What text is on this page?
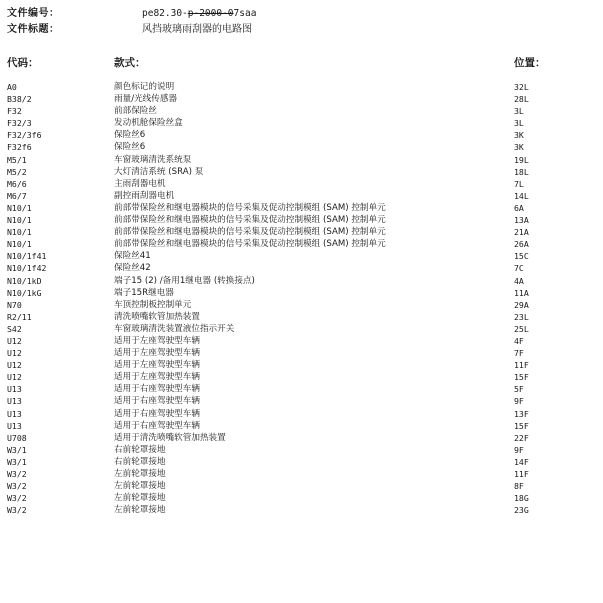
文件编号：	pe82.30-p-2000-07saa
文件标题：	风挡玻璃雨刮器的电路图
代码：	款式：	位置：
A0	颜色标记的说明	32L
B38/2	雨量/光线传感器	28L
F32	前部保险丝	3L
F32/3	发动机舱保险丝盒	3L
F32/3f6	保险丝6	3K
F32f6	保险丝6	3K
M5/1	车窗玻璃清洗系统泵	19L
M5/2	大灯清洁系统 (SRA) 泵	18L
M6/6	主雨刮器电机	7L
M6/7	副控雨刮器电机	14L
N10/1	前部带保险丝和继电器模块的信号采集及促动控制模组 (SAM) 控制单元	6A
N10/1	前部带保险丝和继电器模块的信号采集及促动控制模组 (SAM) 控制单元	13A
N10/1	前部带保险丝和继电器模块的信号采集及促动控制模组 (SAM) 控制单元	21A
N10/1	前部带保险丝和继电器模块的信号采集及促动控制模组 (SAM) 控制单元	26A
N10/1f41	保险丝41	15C
N10/1f42	保险丝42	7C
N10/1kD	端子15 (2) /备用1继电器 (转换接点)	4A
N10/1kG	端子15R继电器	11A
N70	车顶控制板控制单元	29A
R2/11	清洗喷嘴软管加热装置	23L
S42	车窗玻璃清洗装置液位指示开关	25L
U12	适用于左座驾驶型车辆	4F
U12	适用于左座驾驶型车辆	7F
U12	适用于左座驾驶型车辆	11F
U12	适用于左座驾驶型车辆	15F
U13	适用于右座驾驶型车辆	5F
U13	适用于右座驾驶型车辆	9F
U13	适用于右座驾驶型车辆	13F
U13	适用于右座驾驶型车辆	15F
U708	适用于清洗喷嘴软管加热装置	22F
W3/1	右前轮罩接地	9F
W3/1	右前轮罩接地	14F
W3/2	左前轮罩接地	11F
W3/2	左前轮罩接地	8F
W3/2	左前轮罩接地	18G
W3/2	左前轮罩接地	23G
